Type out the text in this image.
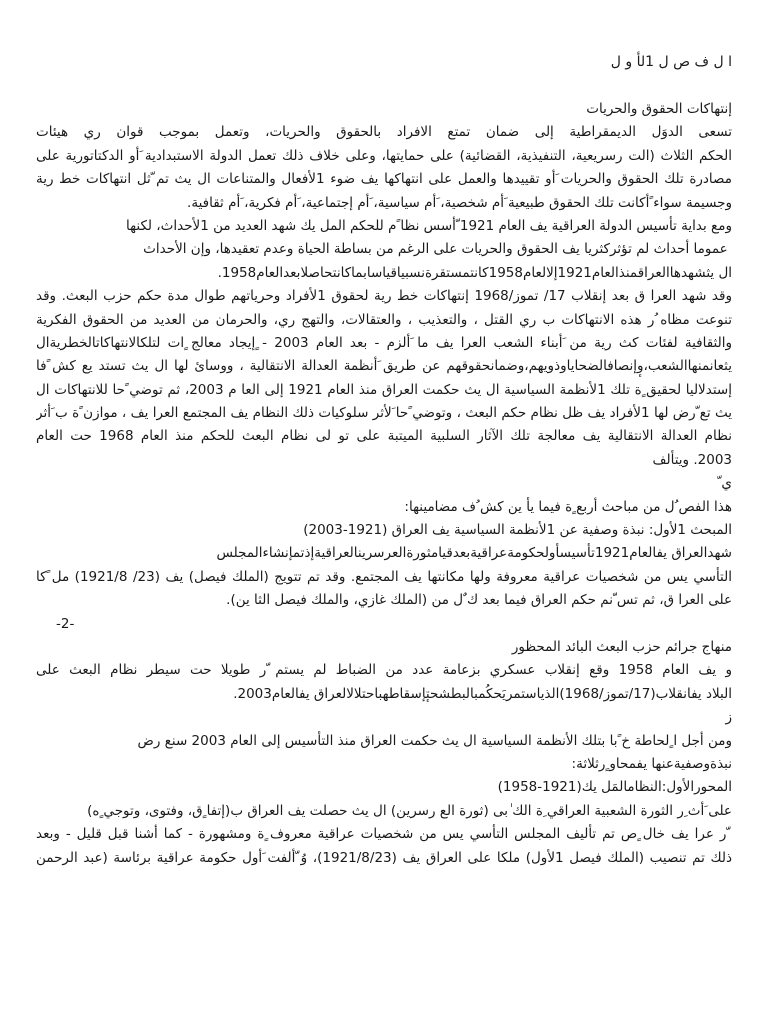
ا ل ف ص ل 1لأ و ل
إنتهاكات الحقوق والحريات
تسعى الدوَل الديمقراطية إلى ضمان تمتع الافراد بالحقوق والحريات، وتعمل بموجب قوان ري هيئات
الحكم الثلاث (الت رسريعية، التنفيذية، القضائية) على حمايتها، وعلى خلاف ذلك تعمل الدولة الاستبدادية َأو الدكتاتورية على
مصادرة تلك الحقوق والحريات َأو تقييدها والعمل على انتهاكها يف ضوء 1لأفعال والمتناعات ال يث تم ّثل انتهاكات خط رية
وجسيمة سواء ًأكانت تلك الحقوق طبيعية َأم شخصية، َأم سياسية، َأم إجتماعية، َأم فكرية، َأم ثقافية.
ومع بداية تأسيس الدولة العراقية يف العام 1921 ّأسس نظا ًم للحكم المل يك شهد العديد من 1لأحداث، لكنها
ً عموما أحداث لم تؤثركثريا يف الحقوق والحريات على الرغم من بساطة الحياة وعدم تعقيدها، وإن الأحداث
ال يثشهدهاالعراقمنذالعام1921إلالعام1958كانتمستقرةنسبياقياسابماكانتحاصلابعدالعام1958.
وقد شهد العرا ق بعد إنقلاب 17/ تموز/1968 إنتهاكات خط رية لحقوق 1لأفراد وحرياتهم طوال مدة حكم حزب البعث. وقد
تنوعت مظاه ُر هذه الانتهاكات ب ري القتل ، والتعذيب ، والعتقالات، والتهج ري، والحرمان من العديد من الحقوق الفكرية
والثقافية لفئات كث رية من َأبناء الشعب العرا يف ما َألزم - بعد العام 2003 - ٍإيجاد معالج ٍات لتلكالانتهاكاتالخطريةال
يثعانمنهاالشعب،وٕإنصافالضحاياوذويهم،وضمانحقوقهم عن طريق َأنظمة العدالة الانتقالية ، ووسائ لها ال يث تستد يع كش ًفا
إستدلاليا لحقيق ٍة تلك 1لأنظمة السياسية ال يث حكمت العراق منذ العام 1921 إلى العا م 2003، ثم توضي ًحا للانتهاكات ال
يث تع ّرض لها 1لأفراد يف ظل نظام حكم البعث ، وتوضي ًحا َلأثر سلوكيات ذلك النظام يف المجتمع العرا يف ، موازن ًة ب َأثر
نظام العدالة الانتقالية يف معالجة تلك الآثار السلبية الميتبة على تو لى نظام البعث للحكم منذ العام 1968 حت العام
2003. ويتألف
ي ّ
هذا الفص ُل من مباحث أربع ٍة فيما يأ ين كش ُف مضامينها:
المبحث 1لأول: نبذة وصفية عن 1لأنظمة السياسية يف العراق (1921-2003)
شهدالعراق يفالعام1921تأسيسأولحكومةعراقيةبعدقيامثورةالعرسرينالعراقيةإذتمإنشاءالمجلس
التأسي يس من شخصيات عراقية معروفة ولها مكانتها يف المجتمع. وقد تم تتويج (الملك فيصل) يف (23/ 1921/8) مل ًكا
على العرا ق، ثم تس ّنم حكم العراق فيما بعد ك ٌل من (الملك غازي، والملك فيصل الثا ين).
-2-
منهاج جرائم حزب البعث البائد المحظور
و يف العام 1958 وقع إنقلاب عسكري بزعامة عدد من الضباط لم يستم ّر طويلا حت سيطر نظام البعث على
البلاد يفانقلاب(17/تموز/1968)الذياستمريَحكُمبالبطشحتٕإسقاطهباحتلالالعراق يفالعام2003.
ًّز
ومن أجل ا ٍلحاطة خ ًبا بتلك الأنظمة السياسية ال يث حكمت العراق منذ التأسيس إلى العام 2003 سنع رض
نبذةوصفيةعنها يفمحاو ٍرثلاثة:
المحورالأول:النظامالمَل يك(1921-1958)
على َأث ِر الثورة الشعبية العراقي ِة الك ٰبى (ثورة الع رسرين) ال يث حصلت يف العراق ب(إتفا ٍق، وفتوى، وتوجي ٍه)
ِّ ّر عرا يف خال ٍص تم تأليف المجلس التأسي يس من شخصيات عراقية معروف ٍة ومشهورة - كما أشنا قبل قليل - وبعد
ذلك تم تنصيب (الملك فيصل 1لأول) ملكا على العراق يف (1921/8/23)، وُ ّألفت َأول حكومة عراقية برئاسة (عبد الرحمن
